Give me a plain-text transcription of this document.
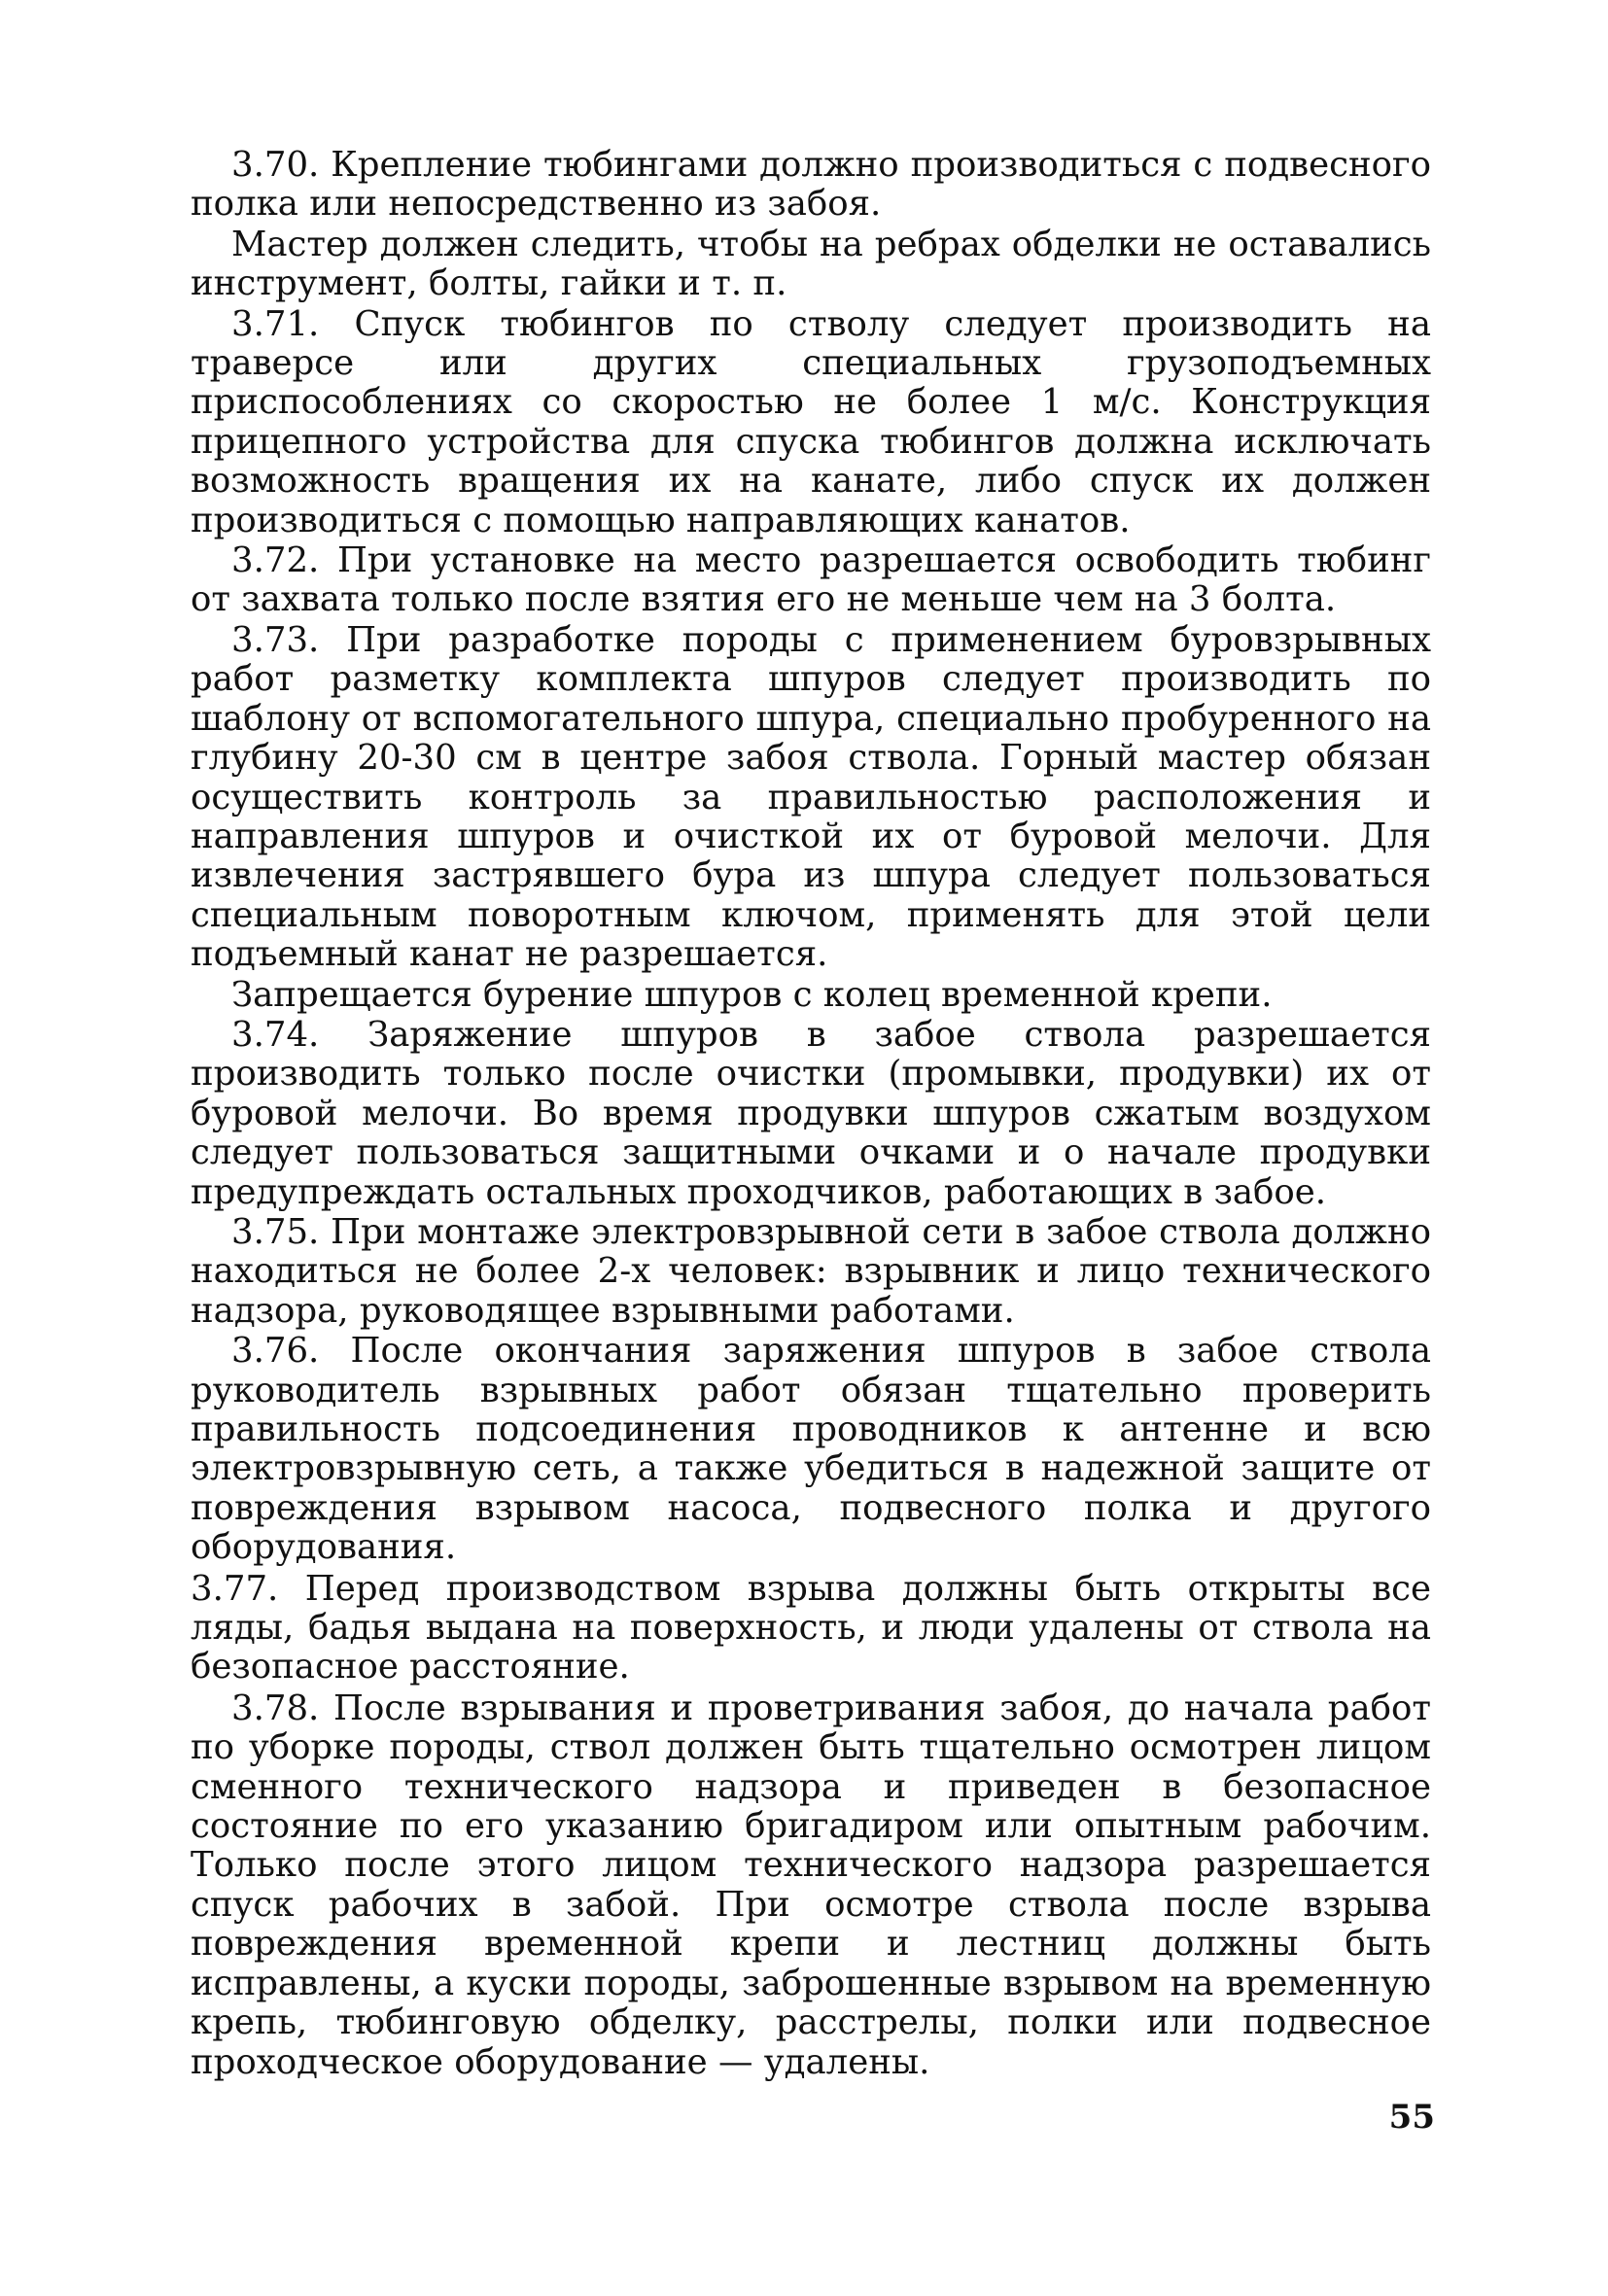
3.70. Крепление тюбингами должно производиться с подвесного полка или непосредственно из забоя.

Мастер должен следить, чтобы на ребрах обделки не оставались инструмент, болты, гайки и т. п.

3.71. Спуск тюбингов по стволу следует производить на траверсе или других специальных грузоподъемных приспособлениях со скоростью не более 1 м/с. Конструкция прицепного устройства для спуска тюбингов должна исключать возможность вращения их на канате, либо спуск их должен производиться с помощью направляющих канатов.

3.72. При установке на место разрешается освободить тюбинг от захвата только после взятия его не меньше чем на 3 болта.

3.73. При разработке породы с применением буровзрывных работ разметку комплекта шпуров следует производить по шаблону от вспомогательного шпура, специально пробуренного на глубину 20-30 см в центре забоя ствола. Горный мастер обязан осуществить контроль за правильностью расположения и направления шпуров и очисткой их от буровой мелочи. Для извлечения застрявшего бура из шпура следует пользоваться специальным поворотным ключом, применять для этой цели подъемный канат не разрешается.

Запрещается бурение шпуров с колец временной крепи.

3.74. Заряжение шпуров в забое ствола разрешается производить только после очистки (промывки, продувки) их от буровой мелочи. Во время продувки шпуров сжатым воздухом следует пользоваться защитными очками и о начале продувки предупреждать остальных проходчиков, работающих в забое.

3.75. При монтаже электровзрывной сети в забое ствола должно находиться не более 2-х человек: взрывник и лицо технического надзора, руководящее взрывными работами.

3.76. После окончания заряжения шпуров в забое ствола руководитель взрывных работ обязан тщательно проверить правильность подсоединения проводников к антенне и всю электровзрывную сеть, а также убедиться в надежной защите от повреждения взрывом насоса, подвесного полка и другого оборудования.

3.77. Перед производством взрыва должны быть открыты все ляды, бадья выдана на поверхность, и люди удалены от ствола на безопасное расстояние.

3.78. После взрывания и проветривания забоя, до начала работ по уборке породы, ствол должен быть тщательно осмотрен лицом сменного технического надзора и приведен в безопасное состояние по его указанию бригадиром или опытным рабочим. Только после этого лицом технического надзора разрешается спуск рабочих в забой. При осмотре ствола после взрыва повреждения временной крепи и лестниц должны быть исправлены, а куски породы, заброшенные взрывом на временную крепь, тюбинговую обделку, расстрелы, полки или подвесное проходческое оборудование — удалены.

55
